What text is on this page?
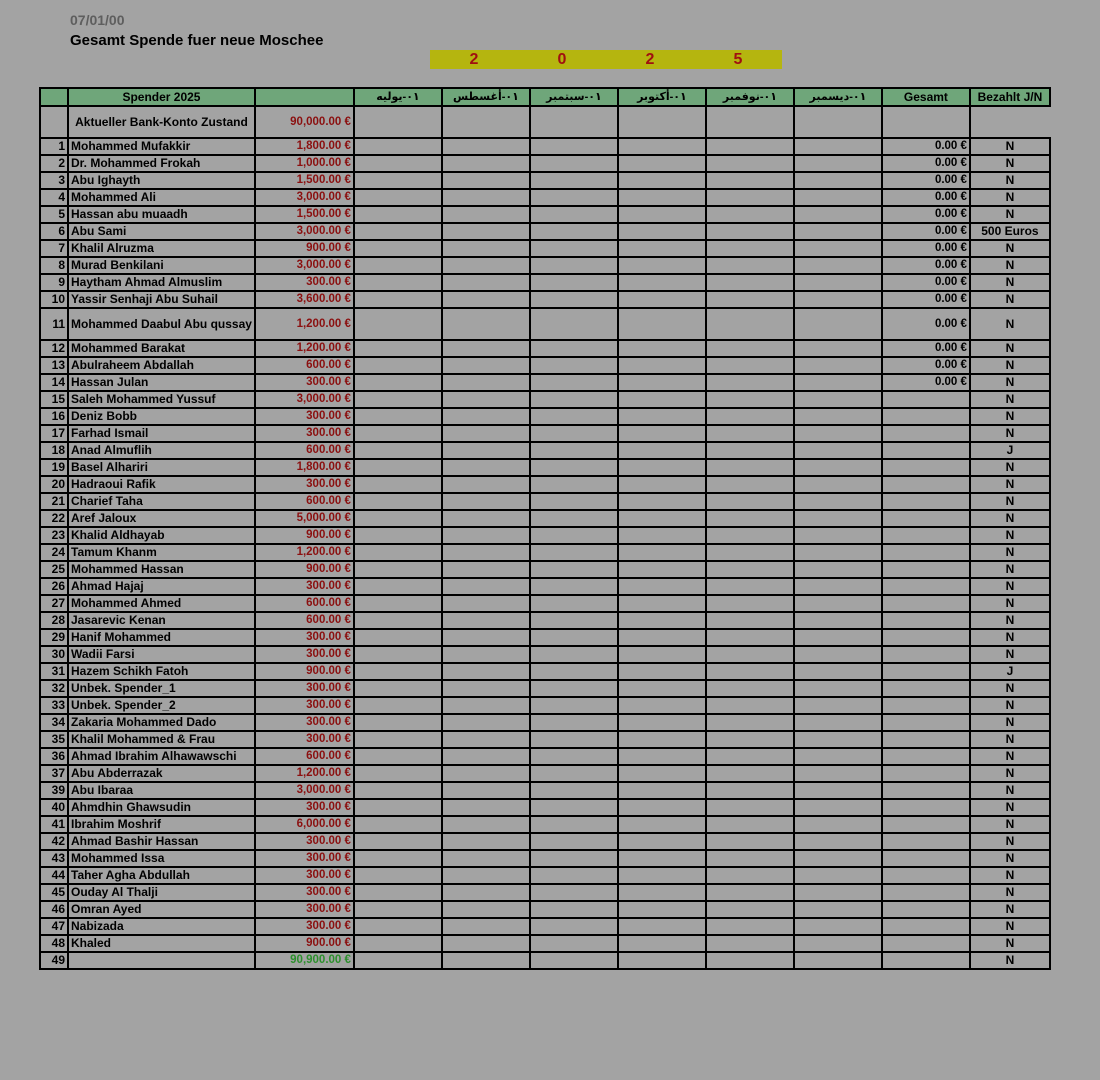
07/01/00
Gesamt Spende fuer neue Moschee
2	0	2	5
	Spender 2025		٠١-يوليه	٠١-أغسطس	٠١-سبتمبر	٠١-أكتوبر	٠١-نوفمبر	٠١-ديسمبر	Gesamt	Bezahlt J/N
	Aktueller Bank-Konto Zustand	90,000.00 €								
1	Mohammed Mufakkir	1,800.00 €							0.00 €	N
2	Dr. Mohammed Frokah	1,000.00 €							0.00 €	N
3	Abu Ighayth	1,500.00 €							0.00 €	N
4	Mohammed Ali	3,000.00 €							0.00 €	N
5	Hassan abu muaadh	1,500.00 €							0.00 €	N
6	Abu Sami	3,000.00 €							0.00 €	500 Euros
7	Khalil Alruzma	900.00 €							0.00 €	N
8	Murad Benkilani	3,000.00 €							0.00 €	N
9	Haytham Ahmad Almuslim	300.00 €							0.00 €	N
10	Yassir Senhaji Abu Suhail	3,600.00 €							0.00 €	N
11	Mohammed Daabul Abu qussay	1,200.00 €							0.00 €	N
12	Mohammed Barakat	1,200.00 €							0.00 €	N
13	Abulraheem Abdallah	600.00 €							0.00 €	N
14	Hassan Julan	300.00 €							0.00 €	N
15	Saleh Mohammed Yussuf	3,000.00 €								N
16	Deniz Bobb	300.00 €								N
17	Farhad Ismail	300.00 €								N
18	Anad Almuflih	600.00 €								J
19	Basel Alhariri	1,800.00 €								N
20	Hadraoui Rafik	300.00 €								N
21	Charief Taha	600.00 €								N
22	Aref Jaloux	5,000.00 €								N
23	Khalid Aldhayab	900.00 €								N
24	Tamum Khanm	1,200.00 €								N
25	Mohammed Hassan	900.00 €								N
26	Ahmad Hajaj	300.00 €								N
27	Mohammed Ahmed	600.00 €								N
28	Jasarevic Kenan	600.00 €								N
29	Hanif Mohammed	300.00 €								N
30	Wadii Farsi	300.00 €								N
31	Hazem Schikh Fatoh	900.00 €								J
32	Unbek. Spender_1	300.00 €								N
33	Unbek. Spender_2	300.00 €								N
34	Zakaria Mohammed Dado	300.00 €								N
35	Khalil Mohammed & Frau	300.00 €								N
36	Ahmad Ibrahim Alhawawschi	600.00 €								N
37	Abu Abderrazak	1,200.00 €								N
39	Abu Ibaraa	3,000.00 €								N
40	Ahmdhin Ghawsudin	300.00 €								N
41	Ibrahim Moshrif	6,000.00 €								N
42	Ahmad Bashir Hassan	300.00 €								N
43	Mohammed Issa	300.00 €								N
44	Taher Agha Abdullah	300.00 €								N
45	Ouday Al Thalji	300.00 €								N
46	Omran Ayed	300.00 €								N
47	Nabizada	300.00 €								N
48	Khaled	900.00 €								N
49		90,900.00 €								N
